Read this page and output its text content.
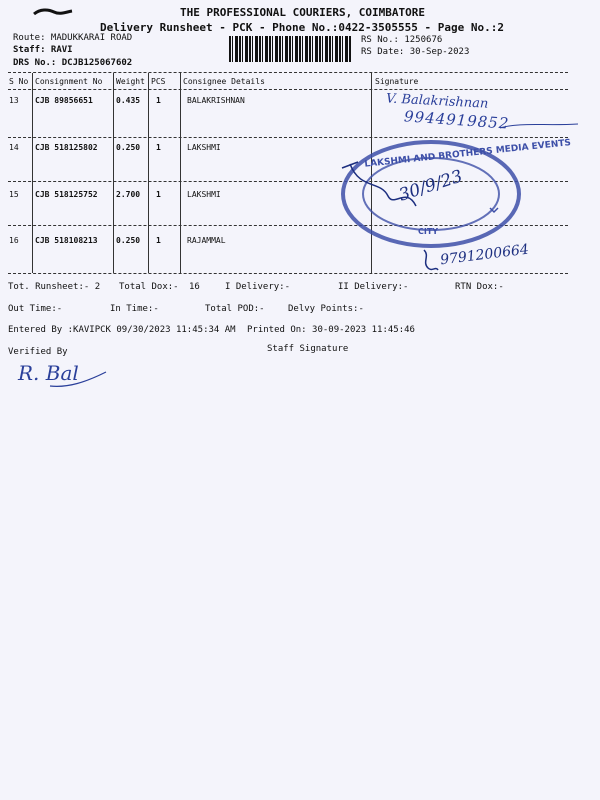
THE PROFESSIONAL COURIERS, COIMBATORE
Delivery Runsheet - PCK - Phone No.:0422-3505555 - Page No.:2
Route: MADUKKARAI ROAD
Staff: RAVI
DRS No.: DCJB125067602
RS No.: 1250676
RS Date: 30-Sep-2023
S No Consignment No Weight PCS Consignee Details	Signature
13 CJB 89856651	0.435 1	BALAKRISHNAN
14 CJB 518125802 0.250 1	LAKSHMI
15 CJB 518125752 2.700 1	LAKSHMI
16 CJB 518108213 0.250 1	RAJAMMAL
V. Balakrishnan
9944919852
LAKSHMI AND BROTHERS MEDIA EVENTS
CITY
30/9/23
9791200664
Tot. Runsheet:- 2 Total Dox:- 16	I Delivery:-	II Delivery:-	RTN Dox:-
Out Time:-	In Time:-	Total POD:-	Delvy Points:-
Entered By :KAVIPCK 09/30/2023 11:45:34 AM Printed On: 30-09-2023 11:45:46
Verified By	Staff Signature
R. Bal
